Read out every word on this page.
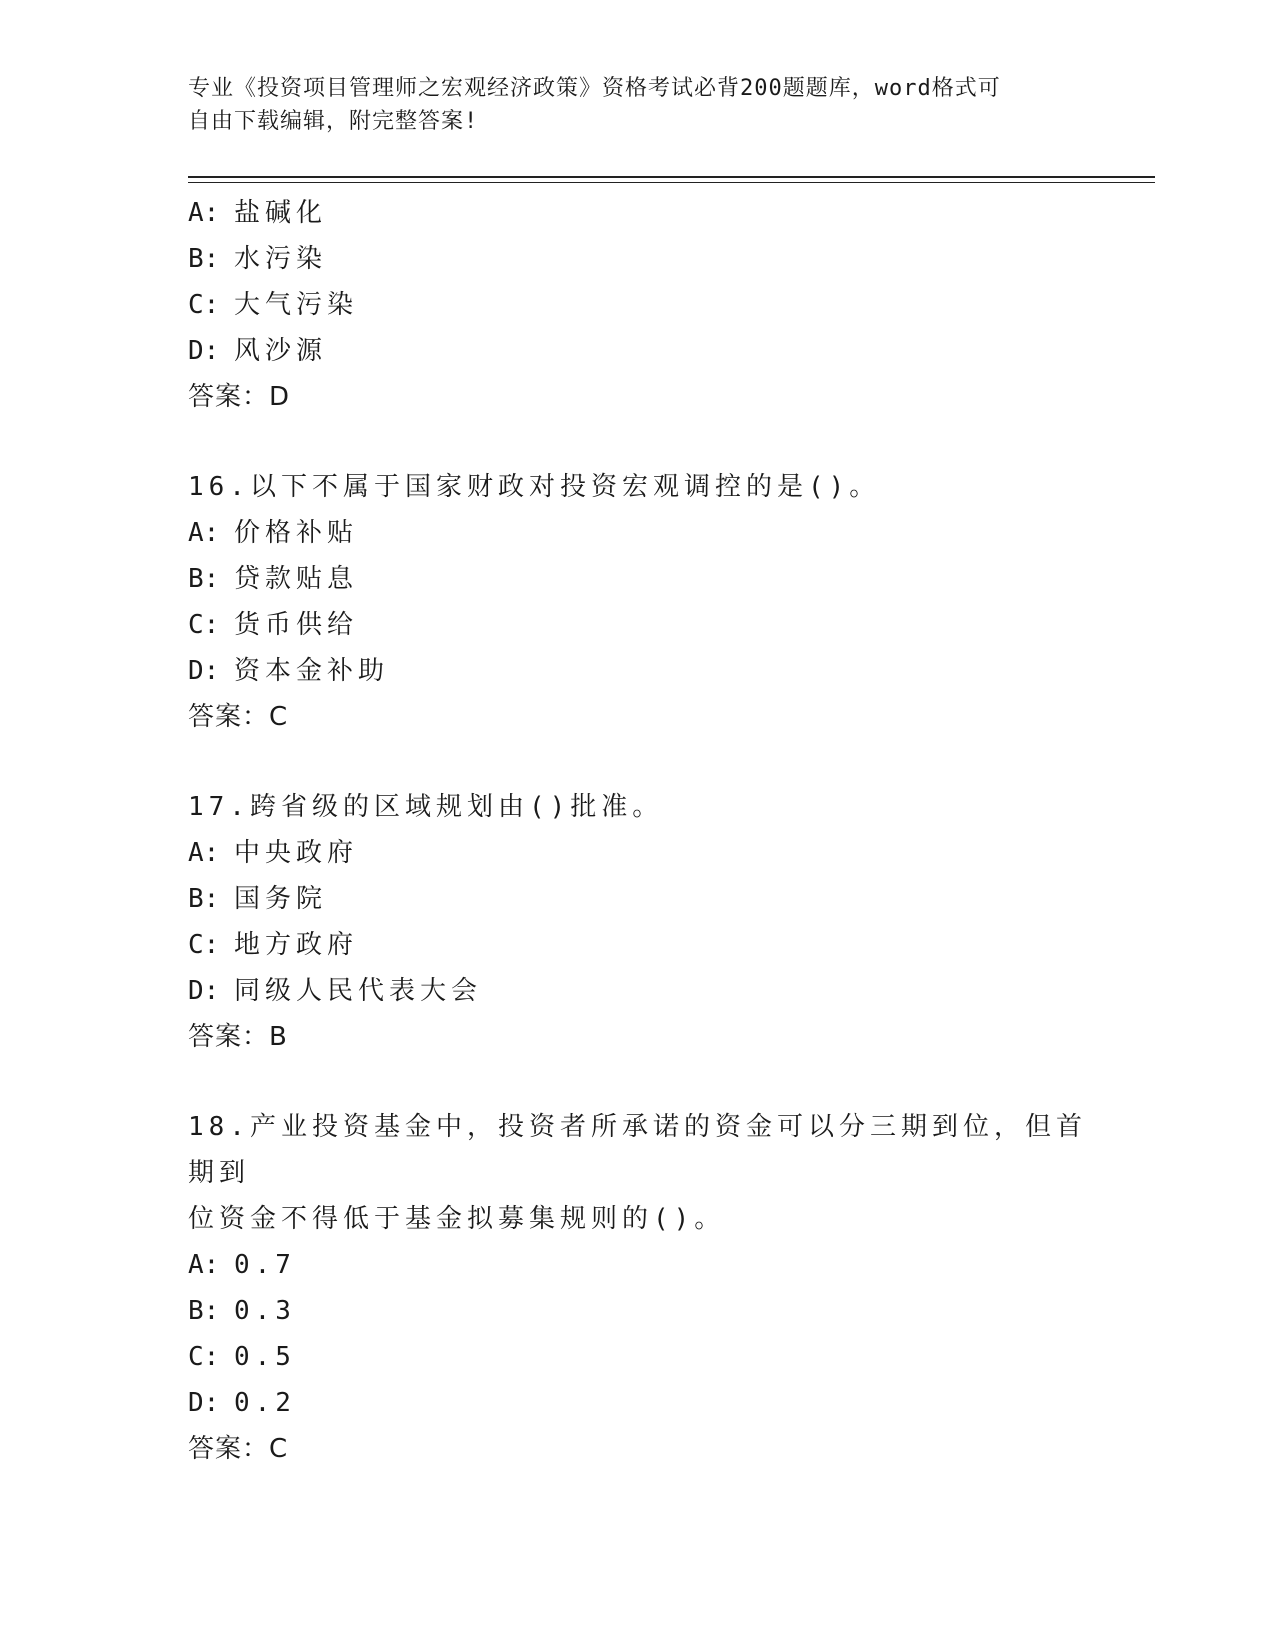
专业《投资项目管理师之宏观经济政策》资格考试必背200题题库，word格式可
自由下载编辑，附完整答案!
A: 盐碱化
B: 水污染
C: 大气污染
D: 风沙源
答案：D
16.以下不属于国家财政对投资宏观调控的是()。
A: 价格补贴
B: 贷款贴息
C: 货币供给
D: 资本金补助
答案：C
17.跨省级的区域规划由()批准。
A: 中央政府
B: 国务院
C: 地方政府
D: 同级人民代表大会
答案：B
18.产业投资基金中，投资者所承诺的资金可以分三期到位，但首期到
位资金不得低于基金拟募集规则的()。
A: 0.7
B: 0.3
C: 0.5
D: 0.2
答案：C
